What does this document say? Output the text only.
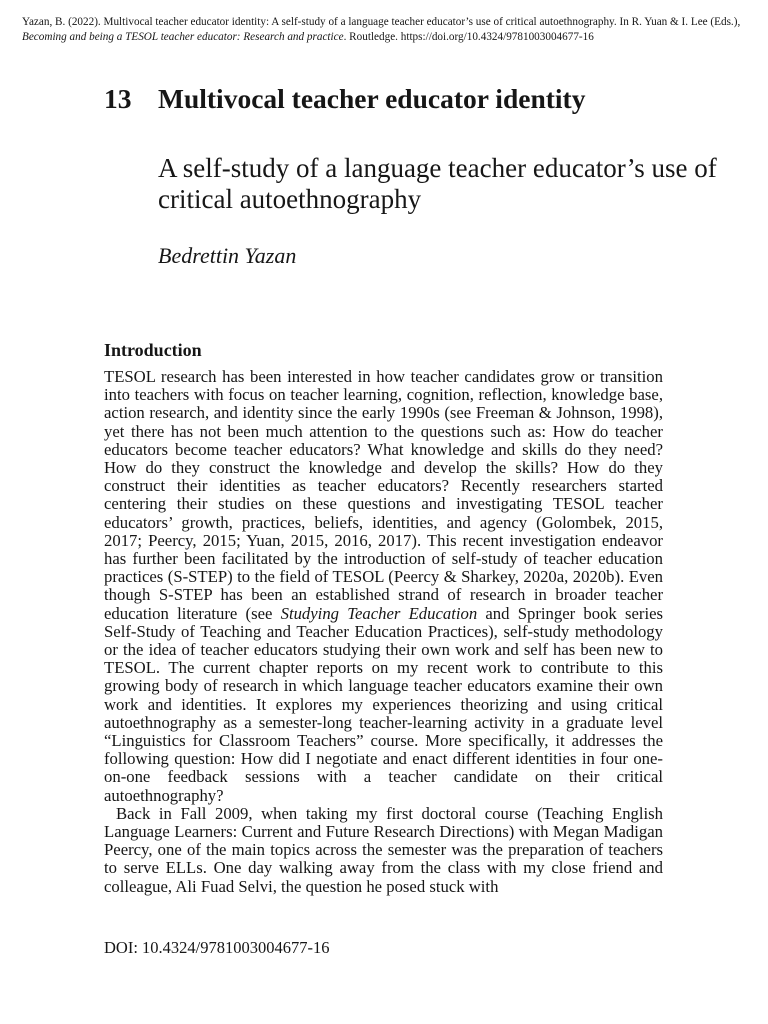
Yazan, B. (2022). Multivocal teacher educator identity: A self-study of a language teacher educator’s use of critical autoethnography. In R. Yuan & I. Lee (Eds.), Becoming and being a TESOL teacher educator: Research and practice. Routledge. https://doi.org/10.4324/9781003004677-16

13 Multivocal teacher educator identity
A self-study of a language teacher educator’s use of critical autoethnography

Bedrettin Yazan

Introduction

TESOL research has been interested in how teacher candidates grow or transition into teachers with focus on teacher learning, cognition, reflection, knowledge base, action research, and identity since the early 1990s (see Freeman & Johnson, 1998), yet there has not been much attention to the questions such as: How do teacher educators become teacher educators? What knowledge and skills do they need? How do they construct the knowledge and develop the skills? How do they construct their identities as teacher educators? Recently researchers started centering their studies on these questions and investigating TESOL teacher educators’ growth, practices, beliefs, identities, and agency (Golombek, 2015, 2017; Peercy, 2015; Yuan, 2015, 2016, 2017). This recent investigation endeavor has further been facilitated by the introduction of self-study of teacher education practices (S-STEP) to the field of TESOL (Peercy & Sharkey, 2020a, 2020b). Even though S-STEP has been an established strand of research in broader teacher education literature (see Studying Teacher Education and Springer book series Self-Study of Teaching and Teacher Education Practices), self-study methodology or the idea of teacher educators studying their own work and self has been new to TESOL. The current chapter reports on my recent work to contribute to this growing body of research in which language teacher educators examine their own work and identities. It explores my experiences theorizing and using critical autoethnography as a semester-long teacher-learning activity in a graduate level “Linguistics for Classroom Teachers” course. More specifically, it addresses the following question: How did I negotiate and enact different identities in four one-on-one feedback sessions with a teacher candidate on their critical autoethnography?

Back in Fall 2009, when taking my first doctoral course (Teaching English Language Learners: Current and Future Research Directions) with Megan Madigan Peercy, one of the main topics across the semester was the preparation of teachers to serve ELLs. One day walking away from the class with my close friend and colleague, Ali Fuad Selvi, the question he posed stuck with

DOI: 10.4324/9781003004677-16
